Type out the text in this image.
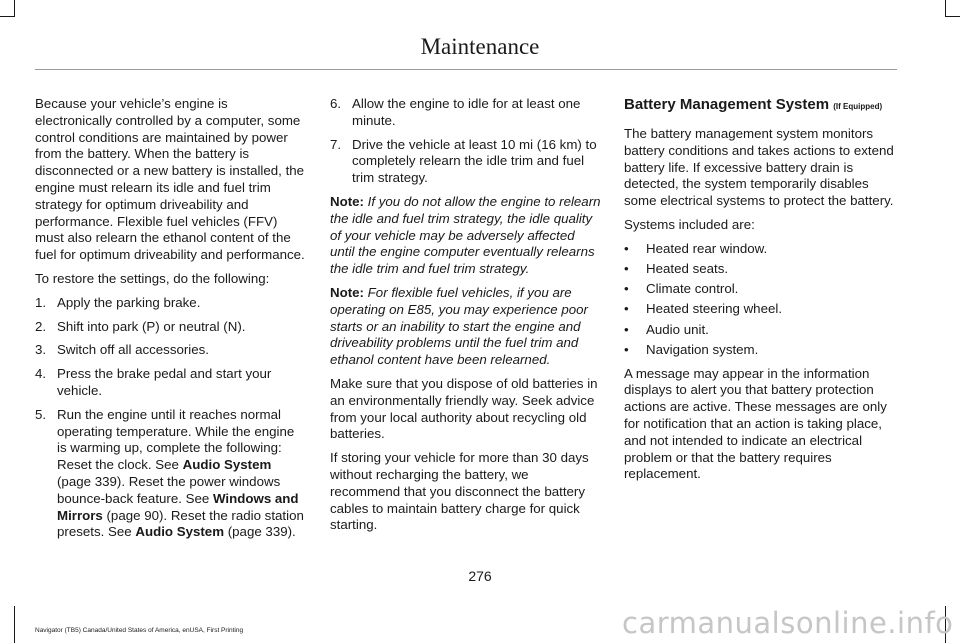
Maintenance

Because your vehicle’s engine is electronically controlled by a computer, some control conditions are maintained by power from the battery. When the battery is disconnected or a new battery is installed, the engine must relearn its idle and fuel trim strategy for optimum driveability and performance. Flexible fuel vehicles (FFV) must also relearn the ethanol content of the fuel for optimum driveability and performance.

To restore the settings, do the following:

1. Apply the parking brake.
2. Shift into park (P) or neutral (N).
3. Switch off all accessories.
4. Press the brake pedal and start your vehicle.
5. Run the engine until it reaches normal operating temperature. While the engine is warming up, complete the following: Reset the clock. See Audio System (page 339). Reset the power windows bounce-back feature. See Windows and Mirrors (page 90). Reset the radio station presets. See Audio System (page 339).
6. Allow the engine to idle for at least one minute.
7. Drive the vehicle at least 10 mi (16 km) to completely relearn the idle trim and fuel trim strategy.

Note: If you do not allow the engine to relearn the idle and fuel trim strategy, the idle quality of your vehicle may be adversely affected until the engine computer eventually relearns the idle trim and fuel trim strategy.

Note: For flexible fuel vehicles, if you are operating on E85, you may experience poor starts or an inability to start the engine and driveability problems until the fuel trim and ethanol content have been relearned.

Make sure that you dispose of old batteries in an environmentally friendly way. Seek advice from your local authority about recycling old batteries.

If storing your vehicle for more than 30 days without recharging the battery, we recommend that you disconnect the battery cables to maintain battery charge for quick starting.

Battery Management System (If Equipped)

The battery management system monitors battery conditions and takes actions to extend battery life. If excessive battery drain is detected, the system temporarily disables some electrical systems to protect the battery.

Systems included are:

• Heated rear window.
• Heated seats.
• Climate control.
• Heated steering wheel.
• Audio unit.
• Navigation system.

A message may appear in the information displays to alert you that battery protection actions are active. These messages are only for notification that an action is taking place, and not intended to indicate an electrical problem or that the battery requires replacement.

276
Navigator (TB5) Canada/United States of America, enUSA, First Printing	carmanualsonline.info
